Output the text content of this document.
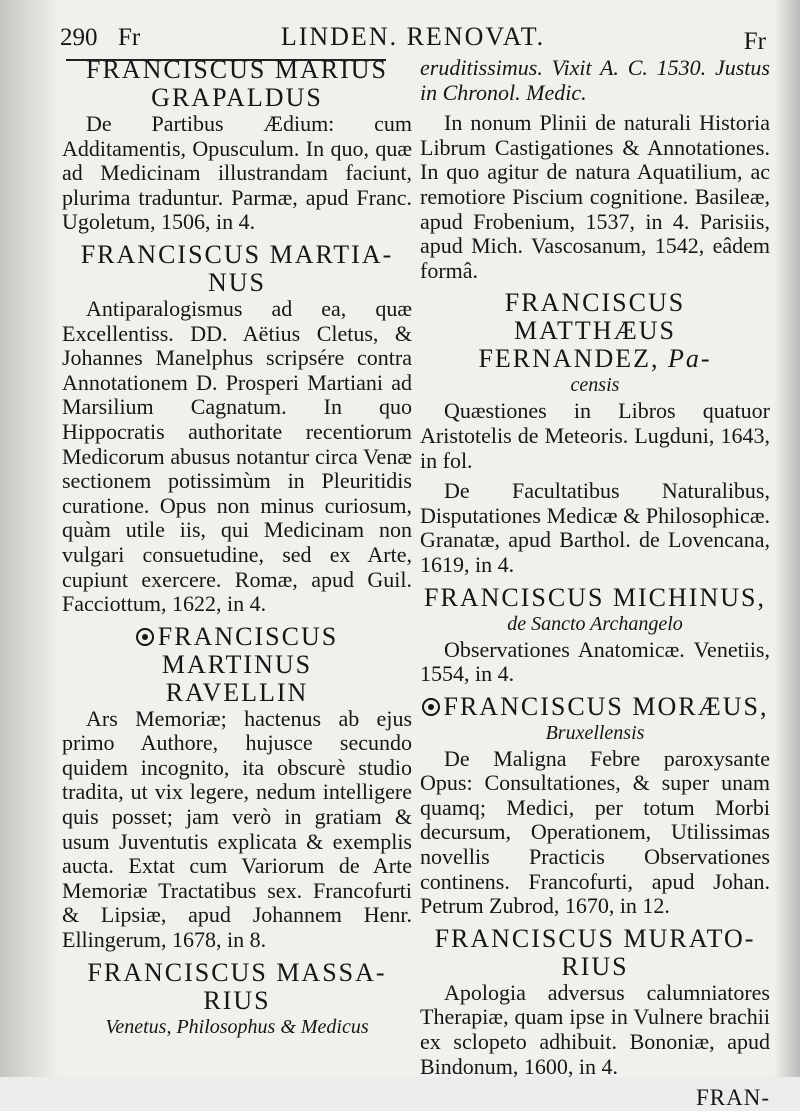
290 Fr	LINDEN. RENOVAT.	Fr
FRANCISCUS MARIUS
GRAPALDUS

De Partibus Ædium: cum Additamentis, Opusculum. In quo, quæ ad Medicinam illustrandam faciunt, plurima traduntur. Parmæ, apud Franc. Ugoletum, 1506, in 4.

FRANCISCUS MARTIA-
NUS

Antiparalogismus ad ea, quæ Excellentiss. DD. Aëtius Cletus, & Johannes Manelphus scripsére contra Annotationem D. Prosperi Martiani ad Marsilium Cagnatum. In quo Hippocratis authoritate recentiorum Medicorum abusus notantur circa Venæ sectionem potissimùm in Pleuritidis curatione. Opus non minus curiosum, quàm utile iis, qui Medicinam non vulgari consuetudine, sed ex Arte, cupiunt exercere. Romæ, apud Guil. Facciottum, 1622, in 4.

FRANCISCUS MARTINUS
RAVELLIN

Ars Memoriæ; hactenus ab ejus primo Authore, hujusce secundo quidem incognito, ita obscurè studio tradita, ut vix legere, nedum intelligere quis posset; jam verò in gratiam & usum Juventutis explicata & exemplis aucta. Extat cum Variorum de Arte Memoriæ Tractatibus sex. Francofurti & Lipsiæ, apud Johannem Henr. Ellingerum, 1678, in 8.

FRANCISCUS MASSA-
RIUS
Venetus, Philosophus & Medicus

eruditissimus. Vixit A. C. 1530. Justus in Chronol. Medic.

In nonum Plinii de naturali Historia Librum Castigationes & Annotationes. In quo agitur de natura Aquatilium, ac remotiore Piscium cognitione. Basileæ, apud Frobenium, 1537, in 4. Parisiis, apud Mich. Vascosanum, 1542, eâdem formâ.

FRANCISCUS MATTHÆUS
FERNANDEZ, Pa-
censis

Quæstiones in Libros quatuor Aristotelis de Meteoris. Lugduni, 1643, in fol.

De Facultatibus Naturalibus, Disputationes Medicæ & Philosophicæ. Granatæ, apud Barthol. de Lovencana, 1619, in 4.

FRANCISCUS MICHINUS,
de Sancto Archangelo

Observationes Anatomicæ. Venetiis, 1554, in 4.

FRANCISCUS MORÆUS,
Bruxellensis

De Maligna Febre paroxysante Opus: Consultationes, & super unam quamq; Medici, per totum Morbi decursum, Operationem, Utilissimas novellis Practicis Observationes continens. Francofurti, apud Johan. Petrum Zubrod, 1670, in 12.

FRANCISCUS MURATO-
RIUS

Apologia adversus calumniatores Therapiæ, quam ipse in Vulnere brachii ex sclopeto adhibuit. Bononiæ, apud Bindonum, 1600, in 4.

FRAN-
